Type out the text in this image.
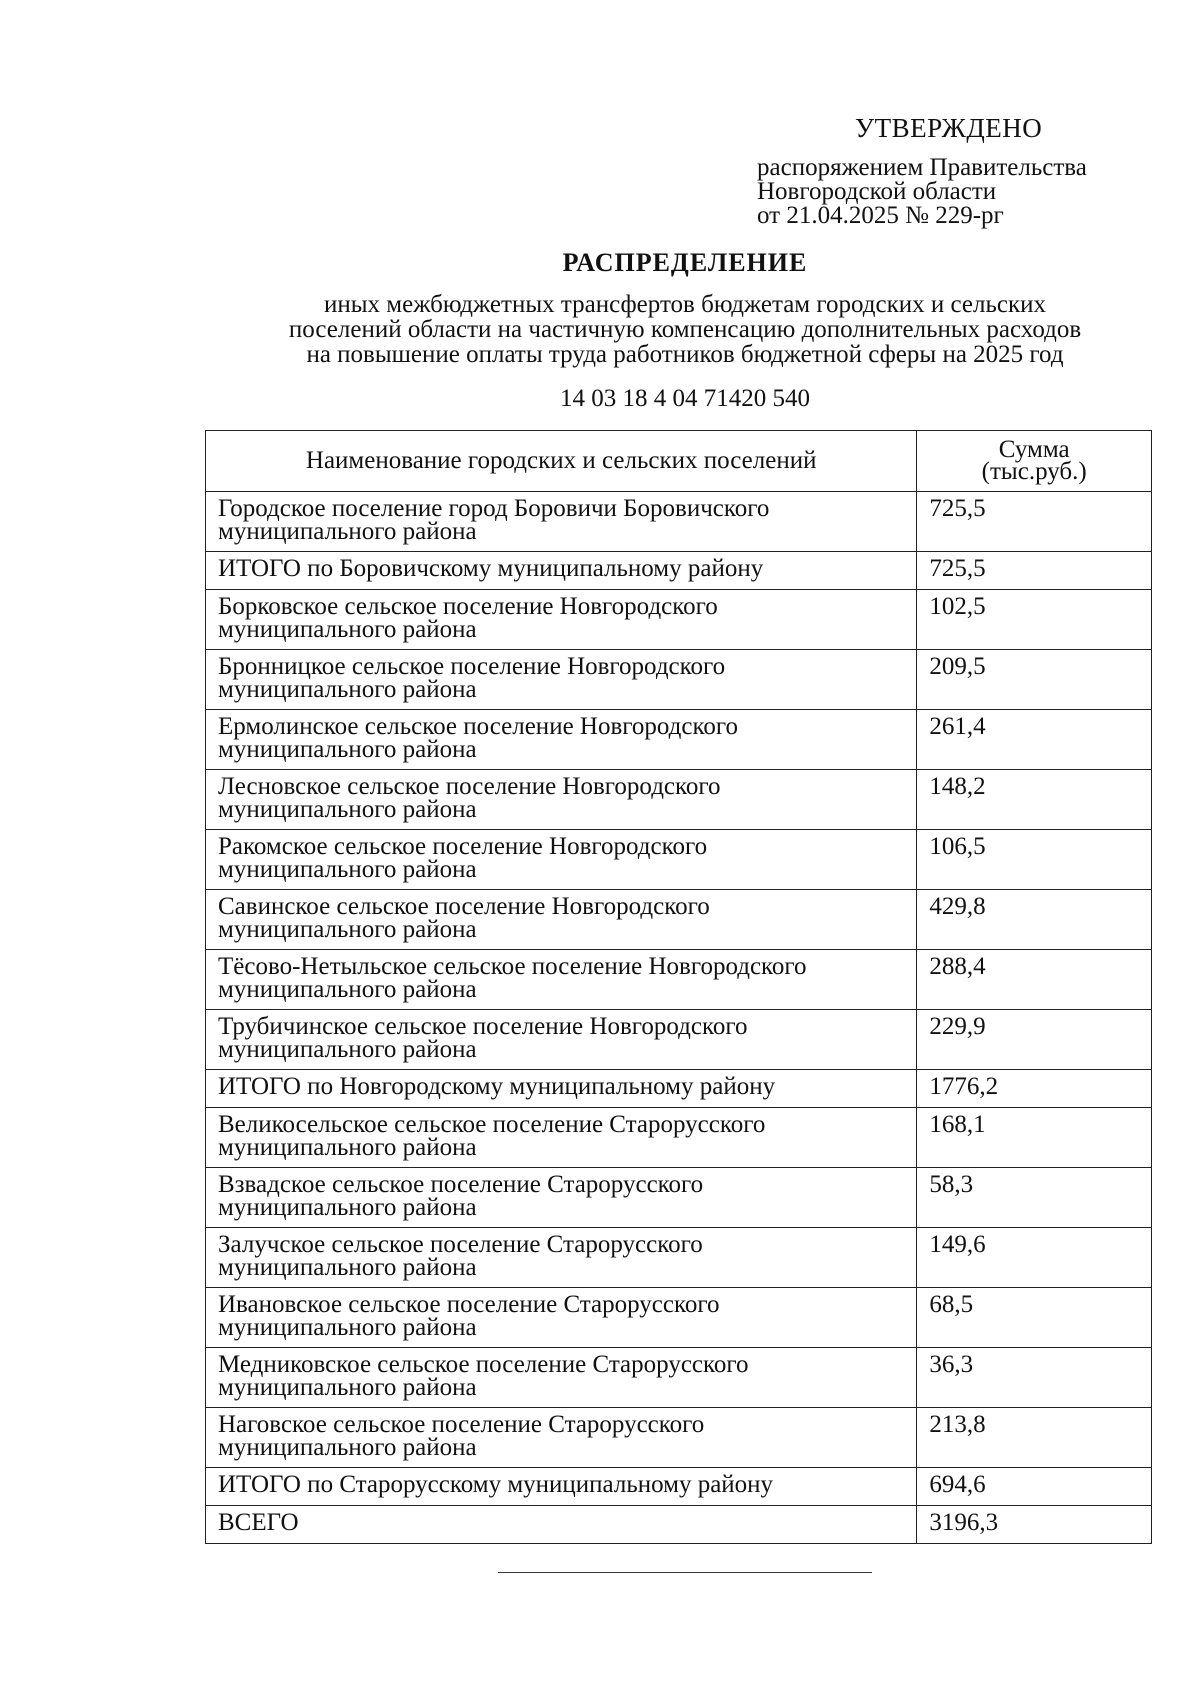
УТВЕРЖДЕНО
распоряжением Правительства
Новгородской области
от 21.04.2025 № 229-рг
РАСПРЕДЕЛЕНИЕ
иных межбюджетных трансфертов бюджетам городских и сельских
поселений области на частичную компенсацию дополнительных расходов
на повышение оплаты труда работников бюджетной сферы на 2025 год
14 03 18 4 04 71420 540
Наименование городских и сельских поселений	Сумма
(тыс.руб.)

Городское поселение город Боровичи Боровичского
муниципального района	725,5

ИТОГО по Боровичскому муниципальному району	725,5

Борковское сельское поселение Новгородского
муниципального района	102,5

Бронницкое сельское поселение Новгородского
муниципального района	209,5

Ермолинское сельское поселение Новгородского
муниципального района	261,4

Лесновское сельское поселение Новгородского
муниципального района	148,2

Ракомское сельское поселение Новгородского
муниципального района	106,5

Савинское сельское поселение Новгородского
муниципального района	429,8

Тёсово-Нетыльское сельское поселение Новгородского
муниципального района	288,4

Трубичинское сельское поселение Новгородского
муниципального района	229,9

ИТОГО по Новгородскому муниципальному району	1776,2

Великосельское сельское поселение Старорусского
муниципального района	168,1

Взвадское сельское поселение Старорусского
муниципального района	58,3

Залучское сельское поселение Старорусского
муниципального района	149,6

Ивановское сельское поселение Старорусского
муниципального района	68,5

Медниковское сельское поселение Старорусского
муниципального района	36,3

Наговское сельское поселение Старорусского
муниципального района	213,8

ИТОГО по Старорусскому муниципальному району	694,6

ВСЕГО	3196,3
